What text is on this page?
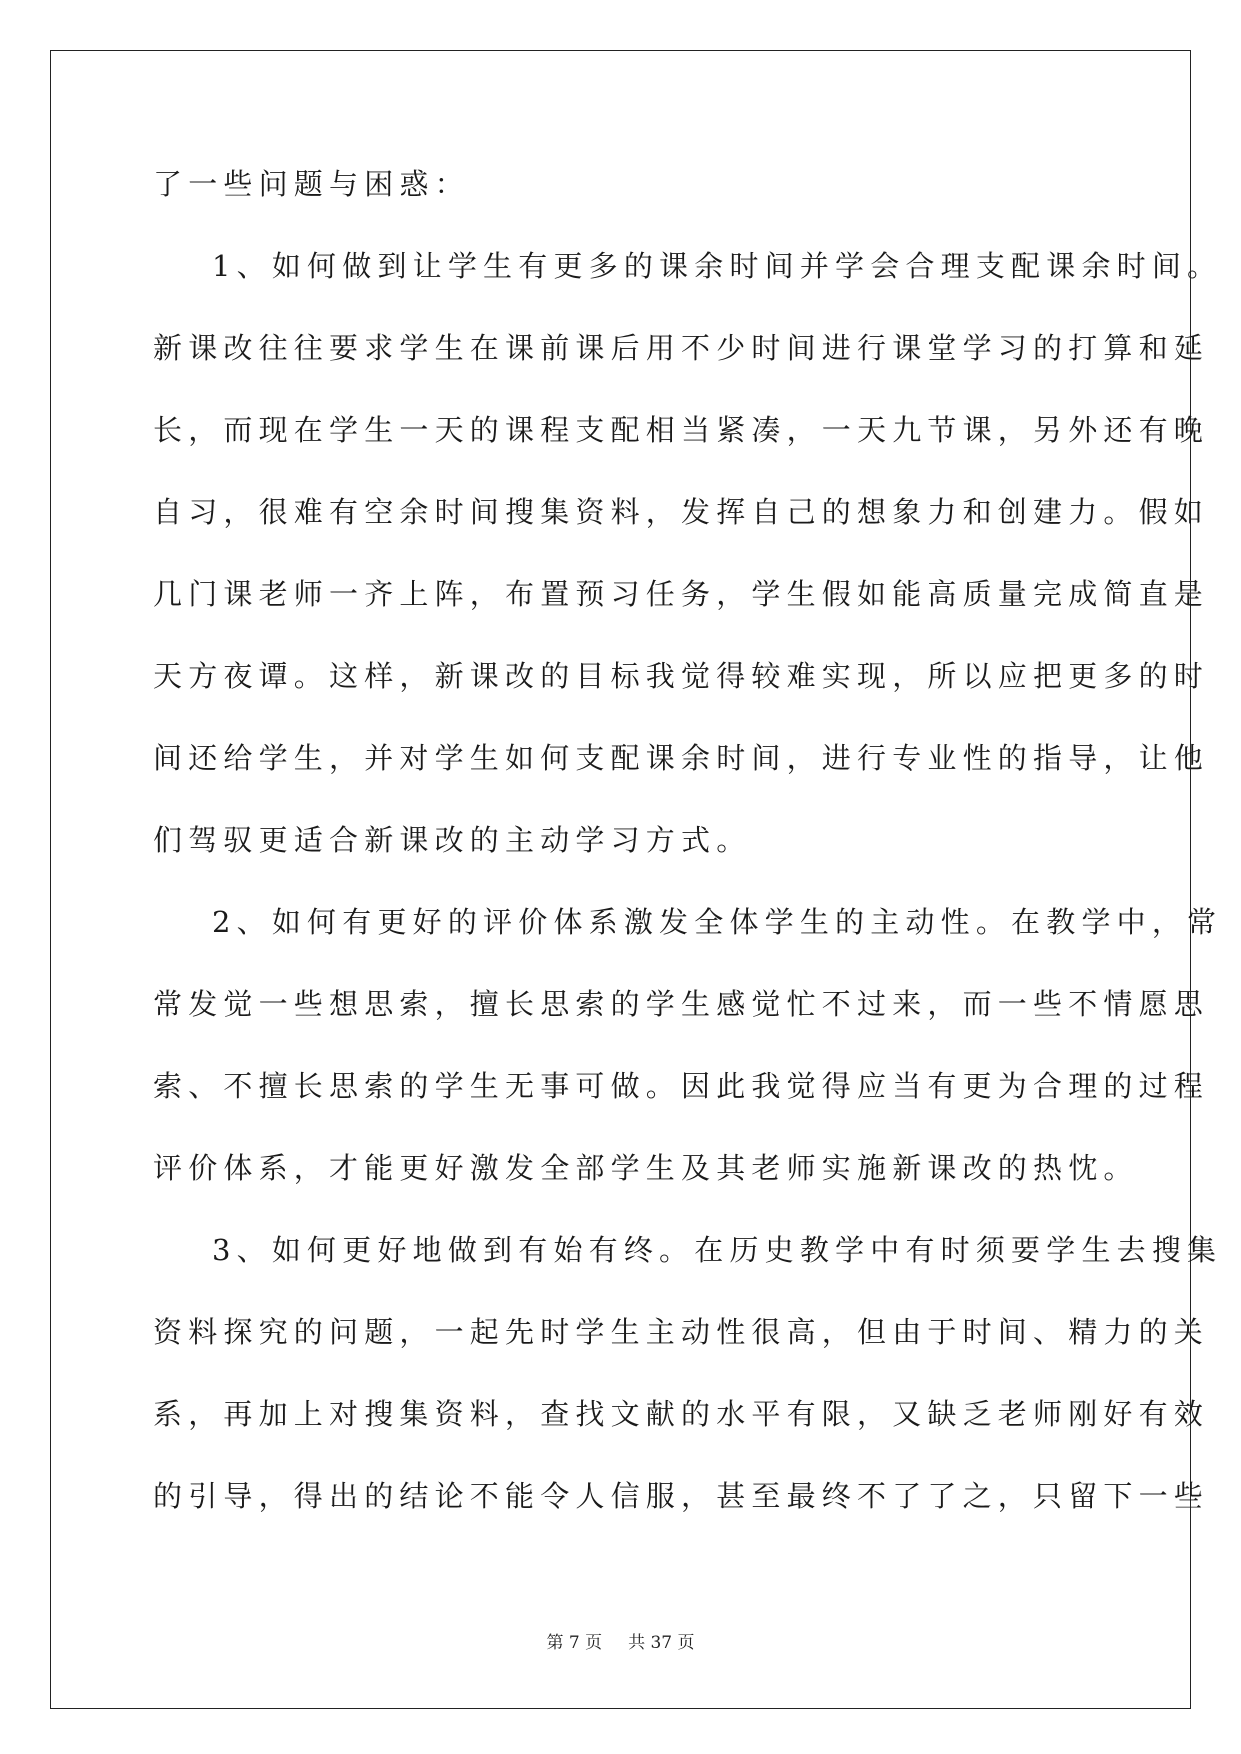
了一些问题与困惑：
1、如何做到让学生有更多的课余时间并学会合理支配课余时间。
新课改往往要求学生在课前课后用不少时间进行课堂学习的打算和延
长，而现在学生一天的课程支配相当紧凑，一天九节课，另外还有晚
自习，很难有空余时间搜集资料，发挥自己的想象力和创建力。假如
几门课老师一齐上阵，布置预习任务，学生假如能高质量完成简直是
天方夜谭。这样，新课改的目标我觉得较难实现，所以应把更多的时
间还给学生，并对学生如何支配课余时间，进行专业性的指导，让他
们驾驭更适合新课改的主动学习方式。
2、如何有更好的评价体系激发全体学生的主动性。在教学中，常
常发觉一些想思索，擅长思索的学生感觉忙不过来，而一些不情愿思
索、不擅长思索的学生无事可做。因此我觉得应当有更为合理的过程
评价体系，才能更好激发全部学生及其老师实施新课改的热忱。
3、如何更好地做到有始有终。在历史教学中有时须要学生去搜集
资料探究的问题，一起先时学生主动性很高，但由于时间、精力的关
系，再加上对搜集资料，查找文献的水平有限，又缺乏老师刚好有效
的引导，得出的结论不能令人信服，甚至最终不了了之，只留下一些
第 7 页 共 37 页
